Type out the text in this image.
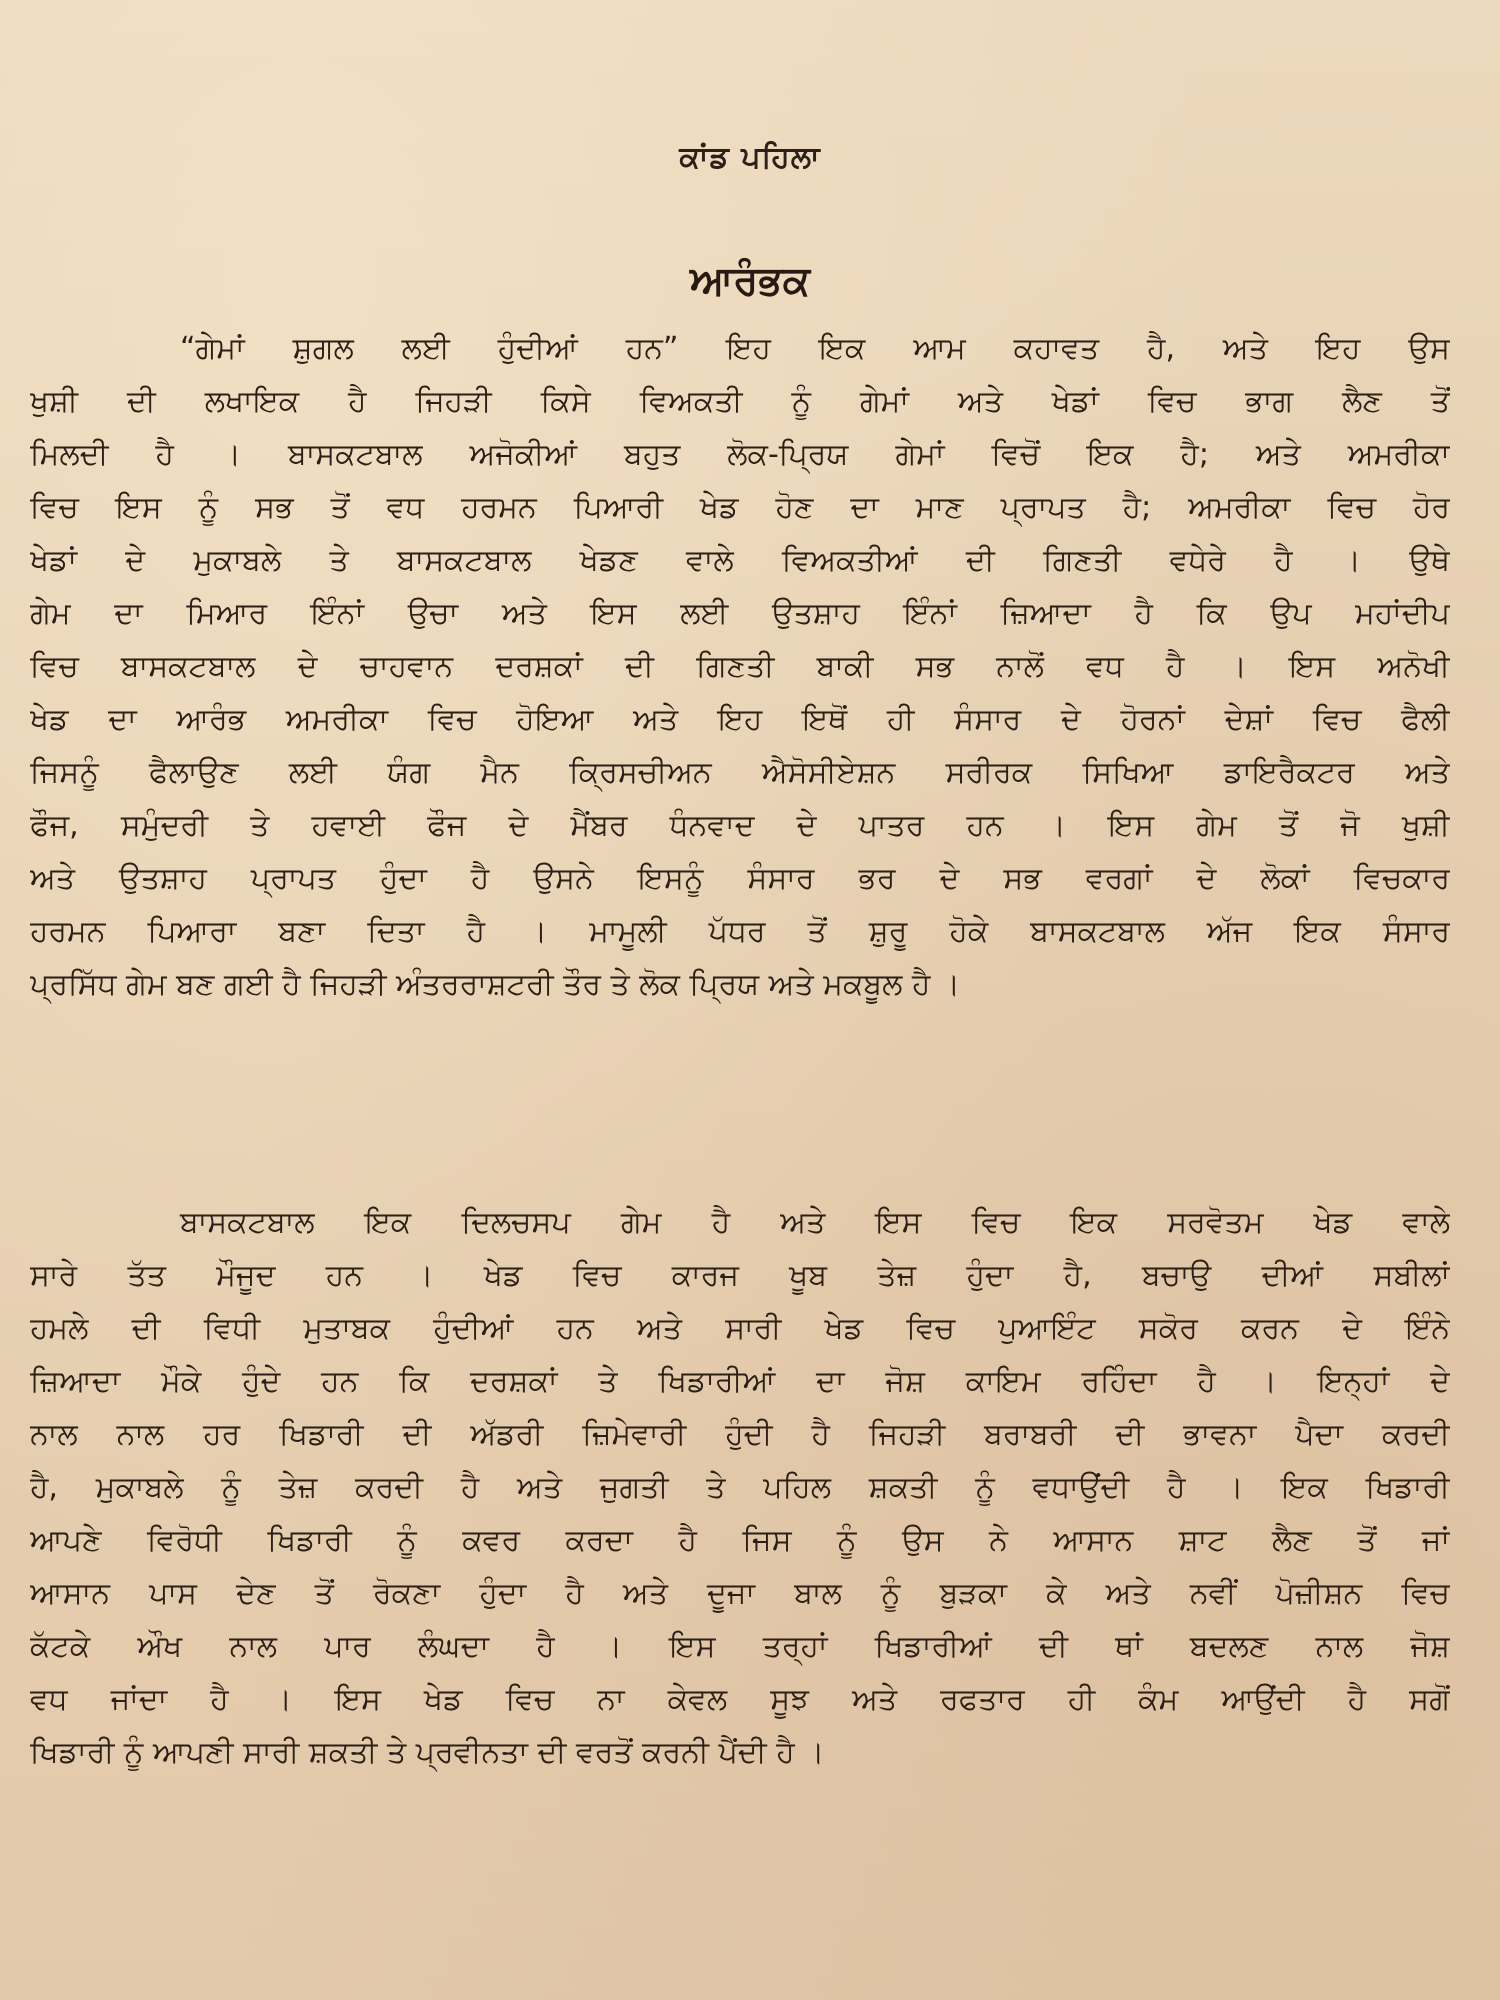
ਕਾਂਡ ਪਹਿਲਾ
ਆਰੰਭਕ
“ਗੇਮਾਂ ਸ਼ੁਗਲ ਲਈ ਹੁੰਦੀਆਂ ਹਨ” ਇਹ ਇਕ ਆਮ ਕਹਾਵਤ ਹੈ, ਅਤੇ ਇਹ ਉਸ
ਖੁਸ਼ੀ ਦੀ ਲਖਾਇਕ ਹੈ ਜਿਹੜੀ ਕਿਸੇ ਵਿਅਕਤੀ ਨੂੰ ਗੇਮਾਂ ਅਤੇ ਖੇਡਾਂ ਵਿਚ ਭਾਗ ਲੈਣ ਤੋਂ
ਮਿਲਦੀ ਹੈ । ਬਾਸਕਟਬਾਲ ਅਜੋਕੀਆਂ ਬਹੁਤ ਲੋਕ-ਪ੍ਰਿਯ ਗੇਮਾਂ ਵਿਚੋਂ ਇਕ ਹੈ; ਅਤੇ ਅਮਰੀਕਾ
ਵਿਚ ਇਸ ਨੂੰ ਸਭ ਤੋਂ ਵਧ ਹਰਮਨ ਪਿਆਰੀ ਖੇਡ ਹੋਣ ਦਾ ਮਾਣ ਪ੍ਰਾਪਤ ਹੈ; ਅਮਰੀਕਾ ਵਿਚ ਹੋਰ
ਖੇਡਾਂ ਦੇ ਮੁਕਾਬਲੇ ਤੇ ਬਾਸਕਟਬਾਲ ਖੇਡਣ ਵਾਲੇ ਵਿਅਕਤੀਆਂ ਦੀ ਗਿਣਤੀ ਵਧੇਰੇ ਹੈ । ਉਥੇ
ਗੇਮ ਦਾ ਮਿਆਰ ਇੰਨਾਂ ਉਚਾ ਅਤੇ ਇਸ ਲਈ ਉਤਸ਼ਾਹ ਇੰਨਾਂ ਜ਼ਿਆਦਾ ਹੈ ਕਿ ਉਪ ਮਹਾਂਦੀਪ
ਵਿਚ ਬਾਸਕਟਬਾਲ ਦੇ ਚਾਹਵਾਨ ਦਰਸ਼ਕਾਂ ਦੀ ਗਿਣਤੀ ਬਾਕੀ ਸਭ ਨਾਲੋਂ ਵਧ ਹੈ । ਇਸ ਅਨੋਖੀ
ਖੇਡ ਦਾ ਆਰੰਭ ਅਮਰੀਕਾ ਵਿਚ ਹੋਇਆ ਅਤੇ ਇਹ ਇਥੋਂ ਹੀ ਸੰਸਾਰ ਦੇ ਹੋਰਨਾਂ ਦੇਸ਼ਾਂ ਵਿਚ ਫੈਲੀ
ਜਿਸਨੂੰ ਫੈਲਾਉਣ ਲਈ ਯੰਗ ਮੈਨ ਕ੍ਰਿਸਚੀਅਨ ਐਸੋਸੀਏਸ਼ਨ ਸਰੀਰਕ ਸਿਖਿਆ ਡਾਇਰੈਕਟਰ ਅਤੇ
ਫੌਜ, ਸਮੁੰਦਰੀ ਤੇ ਹਵਾਈ ਫੌਜ ਦੇ ਮੈਂਬਰ ਧੰਨਵਾਦ ਦੇ ਪਾਤਰ ਹਨ । ਇਸ ਗੇਮ ਤੋਂ ਜੋ ਖੁਸ਼ੀ
ਅਤੇ ਉਤਸ਼ਾਹ ਪ੍ਰਾਪਤ ਹੁੰਦਾ ਹੈ ਉਸਨੇ ਇਸਨੂੰ ਸੰਸਾਰ ਭਰ ਦੇ ਸਭ ਵਰਗਾਂ ਦੇ ਲੋਕਾਂ ਵਿਚਕਾਰ
ਹਰਮਨ ਪਿਆਰਾ ਬਣਾ ਦਿਤਾ ਹੈ । ਮਾਮੂਲੀ ਪੱਧਰ ਤੋਂ ਸ਼ੁਰੂ ਹੋਕੇ ਬਾਸਕਟਬਾਲ ਅੱਜ ਇਕ ਸੰਸਾਰ
ਪ੍ਰਸਿੱਧ ਗੇਮ ਬਣ ਗਈ ਹੈ ਜਿਹੜੀ ਅੰਤਰਰਾਸ਼ਟਰੀ ਤੌਰ ਤੇ ਲੋਕ ਪ੍ਰਿਯ ਅਤੇ ਮਕਬੂਲ ਹੈ ।
ਬਾਸਕਟਬਾਲ ਇਕ ਦਿਲਚਸਪ ਗੇਮ ਹੈ ਅਤੇ ਇਸ ਵਿਚ ਇਕ ਸਰਵੋਤਮ ਖੇਡ ਵਾਲੇ
ਸਾਰੇ ਤੱਤ ਮੌਜੂਦ ਹਨ । ਖੇਡ ਵਿਚ ਕਾਰਜ ਖੂਬ ਤੇਜ਼ ਹੁੰਦਾ ਹੈ, ਬਚਾਉ ਦੀਆਂ ਸਬੀਲਾਂ
ਹਮਲੇ ਦੀ ਵਿਧੀ ਮੁਤਾਬਕ ਹੁੰਦੀਆਂ ਹਨ ਅਤੇ ਸਾਰੀ ਖੇਡ ਵਿਚ ਪੁਆਇੰਟ ਸਕੋਰ ਕਰਨ ਦੇ ਇੰਨੇ
ਜ਼ਿਆਦਾ ਮੌਕੇ ਹੁੰਦੇ ਹਨ ਕਿ ਦਰਸ਼ਕਾਂ ਤੇ ਖਿਡਾਰੀਆਂ ਦਾ ਜੋਸ਼ ਕਾਇਮ ਰਹਿੰਦਾ ਹੈ । ਇਨ੍ਹਾਂ ਦੇ
ਨਾਲ ਨਾਲ ਹਰ ਖਿਡਾਰੀ ਦੀ ਅੱਡਰੀ ਜ਼ਿਮੇਵਾਰੀ ਹੁੰਦੀ ਹੈ ਜਿਹੜੀ ਬਰਾਬਰੀ ਦੀ ਭਾਵਨਾ ਪੈਦਾ ਕਰਦੀ
ਹੈ, ਮੁਕਾਬਲੇ ਨੂੰ ਤੇਜ਼ ਕਰਦੀ ਹੈ ਅਤੇ ਜੁਗਤੀ ਤੇ ਪਹਿਲ ਸ਼ਕਤੀ ਨੂੰ ਵਧਾਉਂਦੀ ਹੈ । ਇਕ ਖਿਡਾਰੀ
ਆਪਣੇ ਵਿਰੋਧੀ ਖਿਡਾਰੀ ਨੂੰ ਕਵਰ ਕਰਦਾ ਹੈ ਜਿਸ ਨੂੰ ਉਸ ਨੇ ਆਸਾਨ ਸ਼ਾਟ ਲੈਣ ਤੋਂ ਜਾਂ
ਆਸਾਨ ਪਾਸ ਦੇਣ ਤੋਂ ਰੋਕਣਾ ਹੁੰਦਾ ਹੈ ਅਤੇ ਦੂਜਾ ਬਾਲ ਨੂੰ ਬੁੜਕਾ ਕੇ ਅਤੇ ਨਵੀਂ ਪੋਜ਼ੀਸ਼ਨ ਵਿਚ
ਕੱਟਕੇ ਔਖ ਨਾਲ ਪਾਰ ਲੰਘਦਾ ਹੈ । ਇਸ ਤਰ੍ਹਾਂ ਖਿਡਾਰੀਆਂ ਦੀ ਥਾਂ ਬਦਲਣ ਨਾਲ ਜੋਸ਼
ਵਧ ਜਾਂਦਾ ਹੈ । ਇਸ ਖੇਡ ਵਿਚ ਨਾ ਕੇਵਲ ਸੂਝ ਅਤੇ ਰਫਤਾਰ ਹੀ ਕੰਮ ਆਉਂਦੀ ਹੈ ਸਗੋਂ
ਖਿਡਾਰੀ ਨੂੰ ਆਪਣੀ ਸਾਰੀ ਸ਼ਕਤੀ ਤੇ ਪ੍ਰਵੀਨਤਾ ਦੀ ਵਰਤੋਂ ਕਰਨੀ ਪੈਂਦੀ ਹੈ ।
